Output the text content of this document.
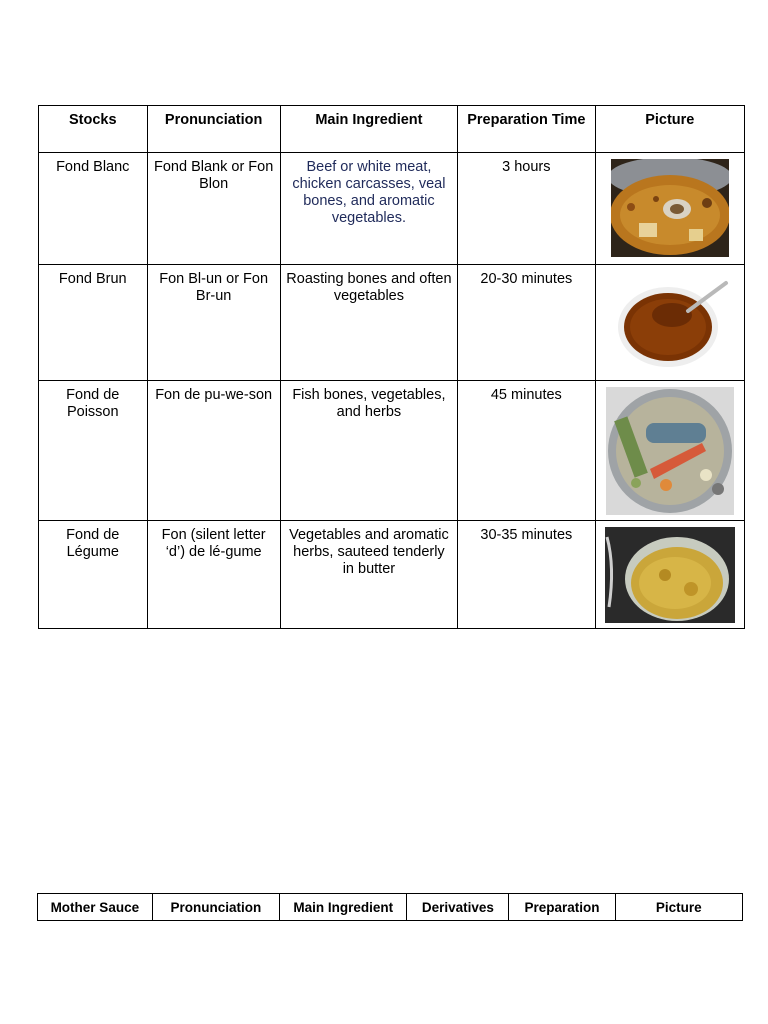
Stocks	Pronunciation	Main Ingredient	Preparation Time	Picture
Fond Blanc	Fond Blank or Fon Blon	Beef or white meat, chicken carcasses, veal bones, and aromatic vegetables.	3 hours	

Fond Brun	Fon Bl-un or Fon Br-un	Roasting bones and often vegetables	20-30 minutes	

Fond de Poisson	Fon de pu-we-son	Fish bones, vegetables, and herbs	45 minutes	

Fond de Légume	Fon (silent letter ‘d’) de lé-gume	Vegetables and aromatic herbs, sauteed tenderly in butter	30-35 minutes	
Mother Sauce	Pronunciation	Main Ingredient	Derivatives	Preparation	Picture
